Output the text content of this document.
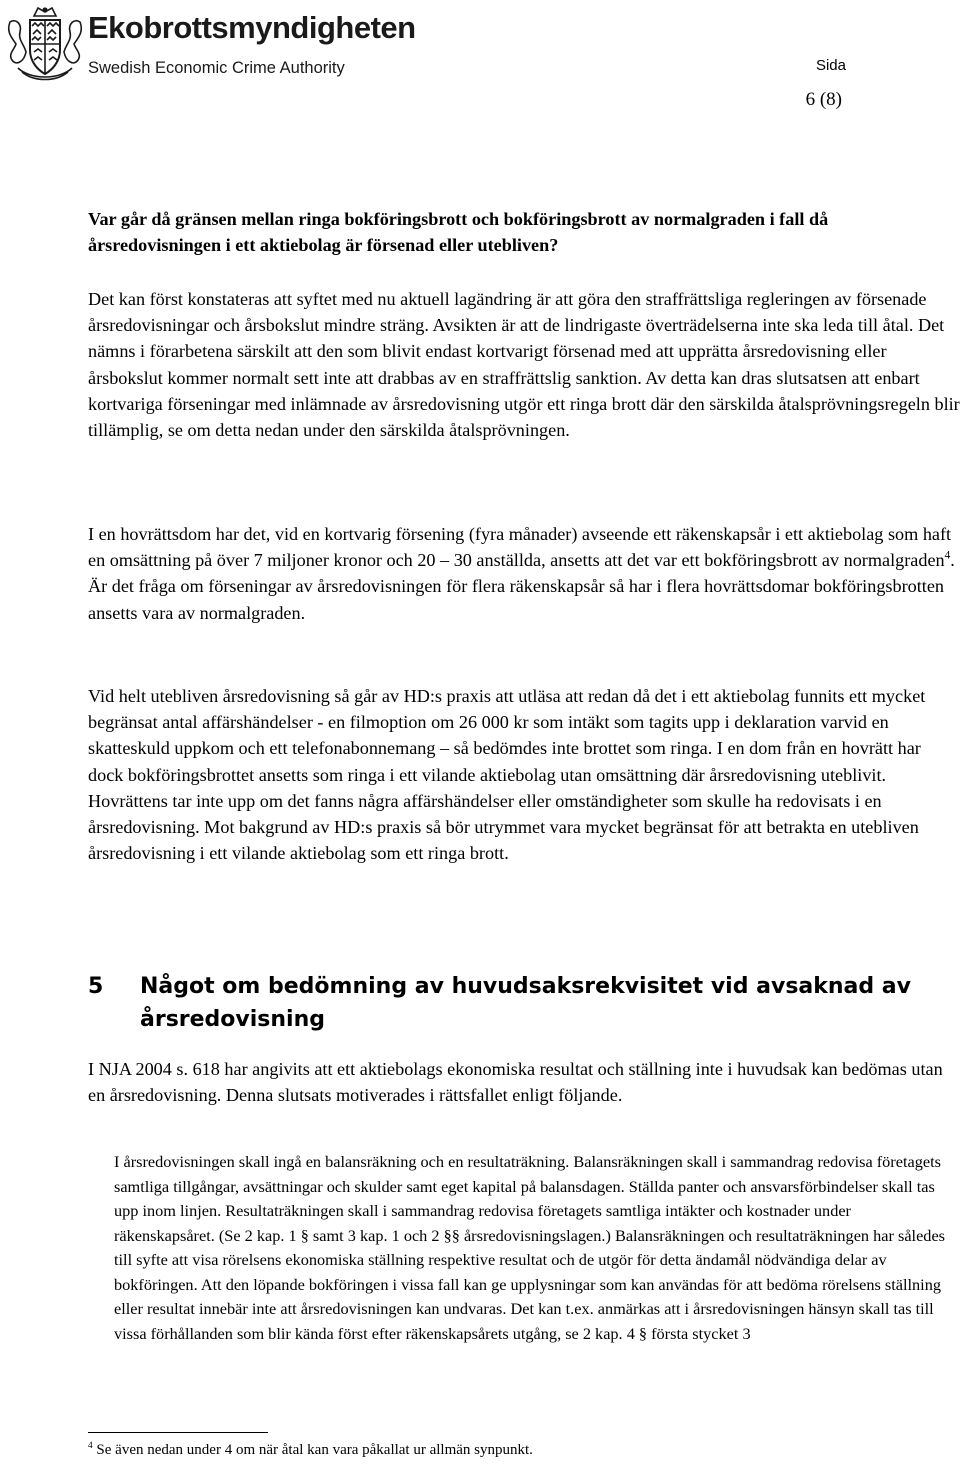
Ekobrottsmyndigheten
Swedish Economic Crime Authority	Sida
6 (8)

Var går då gränsen mellan ringa bokföringsbrott och bokföringsbrott av normalgraden i fall då årsredovisningen i ett aktiebolag är försenad eller utebliven?

Det kan först konstateras att syftet med nu aktuell lagändring är att göra den straffrättsliga regleringen av försenade årsredovisningar och årsbokslut mindre sträng. Avsikten är att de lindrigaste överträdelserna inte ska leda till åtal. Det nämns i förarbetena särskilt att den som blivit endast kortvarigt försenad med att upprätta årsredovisning eller årsbokslut kommer normalt sett inte att drabbas av en straffrättslig sanktion. Av detta kan dras slutsatsen att enbart kortvariga förseningar med inlämnade av årsredovisning utgör ett ringa brott där den särskilda åtalsprövningsregeln blir tillämplig, se om detta nedan under den särskilda åtalsprövningen.

I en hovrättsdom har det, vid en kortvarig försening (fyra månader) avseende ett räkenskapsår i ett aktiebolag som haft en omsättning på över 7 miljoner kronor och 20 – 30 anställda, ansetts att det var ett bokföringsbrott av normalgraden$^4$. Är det fråga om förseningar av årsredovisningen för flera räkenskapsår så har i flera hovrättsdomar bokföringsbrotten ansetts vara av normalgraden.

Vid helt utebliven årsredovisning så går av HD:s praxis att utläsa att redan då det i ett aktiebolag funnits ett mycket begränsat antal affärshändelser - en filmoption om 26 000 kr som intäkt som tagits upp i deklaration varvid en skatteskuld uppkom och ett telefonabonnemang – så bedömdes inte brottet som ringa. I en dom från en hovrätt har dock bokföringsbrottet ansetts som ringa i ett vilande aktiebolag utan omsättning där årsredovisning uteblivit. Hovrättens tar inte upp om det fanns några affärshändelser eller omständigheter som skulle ha redovisats i en årsredovisning. Mot bakgrund av HD:s praxis så bör utrymmet vara mycket begränsat för att betrakta en utebliven årsredovisning i ett vilande aktiebolag som ett ringa brott.

5 Något om bedömning av huvudsaksrekvisitet vid avsaknad av årsredovisning

I NJA 2004 s. 618 har angivits att ett aktiebolags ekonomiska resultat och ställning inte i huvudsak kan bedömas utan en årsredovisning. Denna slutsats motiverades i rättsfallet enligt följande.

I årsredovisningen skall ingå en balansräkning och en resultaträkning. Balansräkningen skall i sammandrag redovisa företagets samtliga tillgångar, avsättningar och skulder samt eget kapital på balansdagen. Ställda panter och ansvarsförbindelser skall tas upp inom linjen. Resultaträkningen skall i sammandrag redovisa företagets samtliga intäkter och kostnader under räkenskapsåret. (Se 2 kap. 1 § samt 3 kap. 1 och 2 §§ årsredovisningslagen.) Balansräkningen och resultaträkningen har således till syfte att visa rörelsens ekonomiska ställning respektive resultat och de utgör för detta ändamål nödvändiga delar av bokföringen. Att den löpande bokföringen i vissa fall kan ge upplysningar som kan användas för att bedöma rörelsens ställning eller resultat innebär inte att årsredovisningen kan undvaras. Det kan t.ex. anmärkas att i årsredovisningen hänsyn skall tas till vissa förhållanden som blir kända först efter räkenskapsårets utgång, se 2 kap. 4 § första stycket 3

$^4$ Se även nedan under 4 om när åtal kan vara påkallat ur allmän synpunkt.
